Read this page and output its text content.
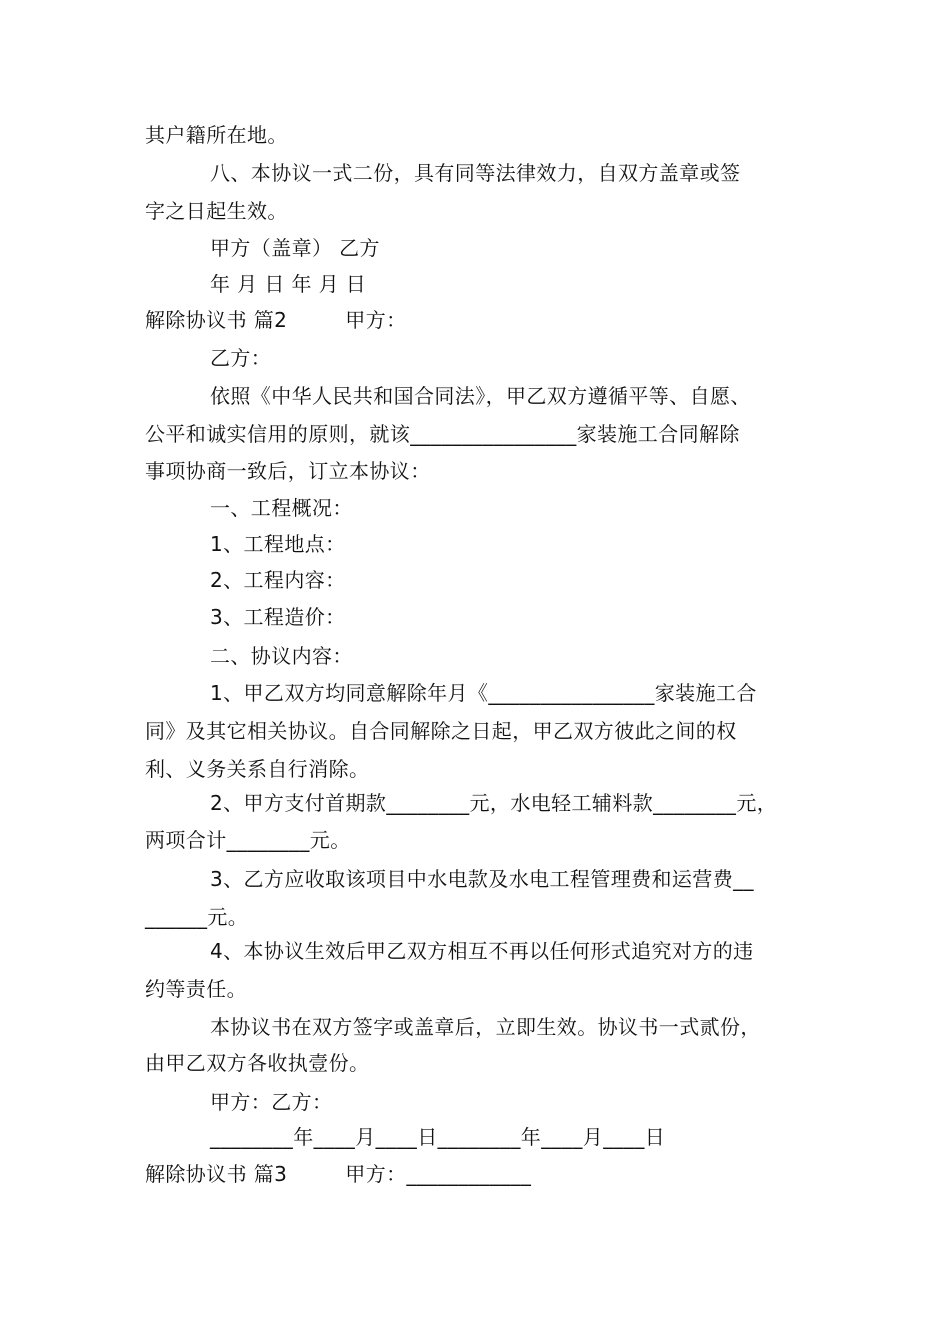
其户籍所在地。
八、本协议一式二份，具有同等法律效力，自双方盖章或签
字之日起生效。
甲方（盖章） 乙方
年 月 日 年 月 日
解除协议书 篇2	甲方：
乙方：
依照《中华人民共和国合同法》，甲乙双方遵循平等、自愿、
公平和诚实信用的原则，就该________________家装施工合同解除
事项协商一致后，订立本协议：
一、工程概况：
1、工程地点：
2、工程内容：
3、工程造价：
二、协议内容：
1、甲乙双方均同意解除年月《________________家装施工合
同》及其它相关协议。自合同解除之日起，甲乙双方彼此之间的权
利、义务关系自行消除。
2、甲方支付首期款________元，水电轻工辅料款________元，
两项合计________元。
3、乙方应收取该项目中水电款及水电工程管理费和运营费__
______元。
4、本协议生效后甲乙双方相互不再以任何形式追究对方的违
约等责任。
本协议书在双方签字或盖章后，立即生效。协议书一式贰份，
由甲乙双方各收执壹份。
甲方：乙方：
________年____月____日________年____月____日
解除协议书 篇3	甲方：____________
